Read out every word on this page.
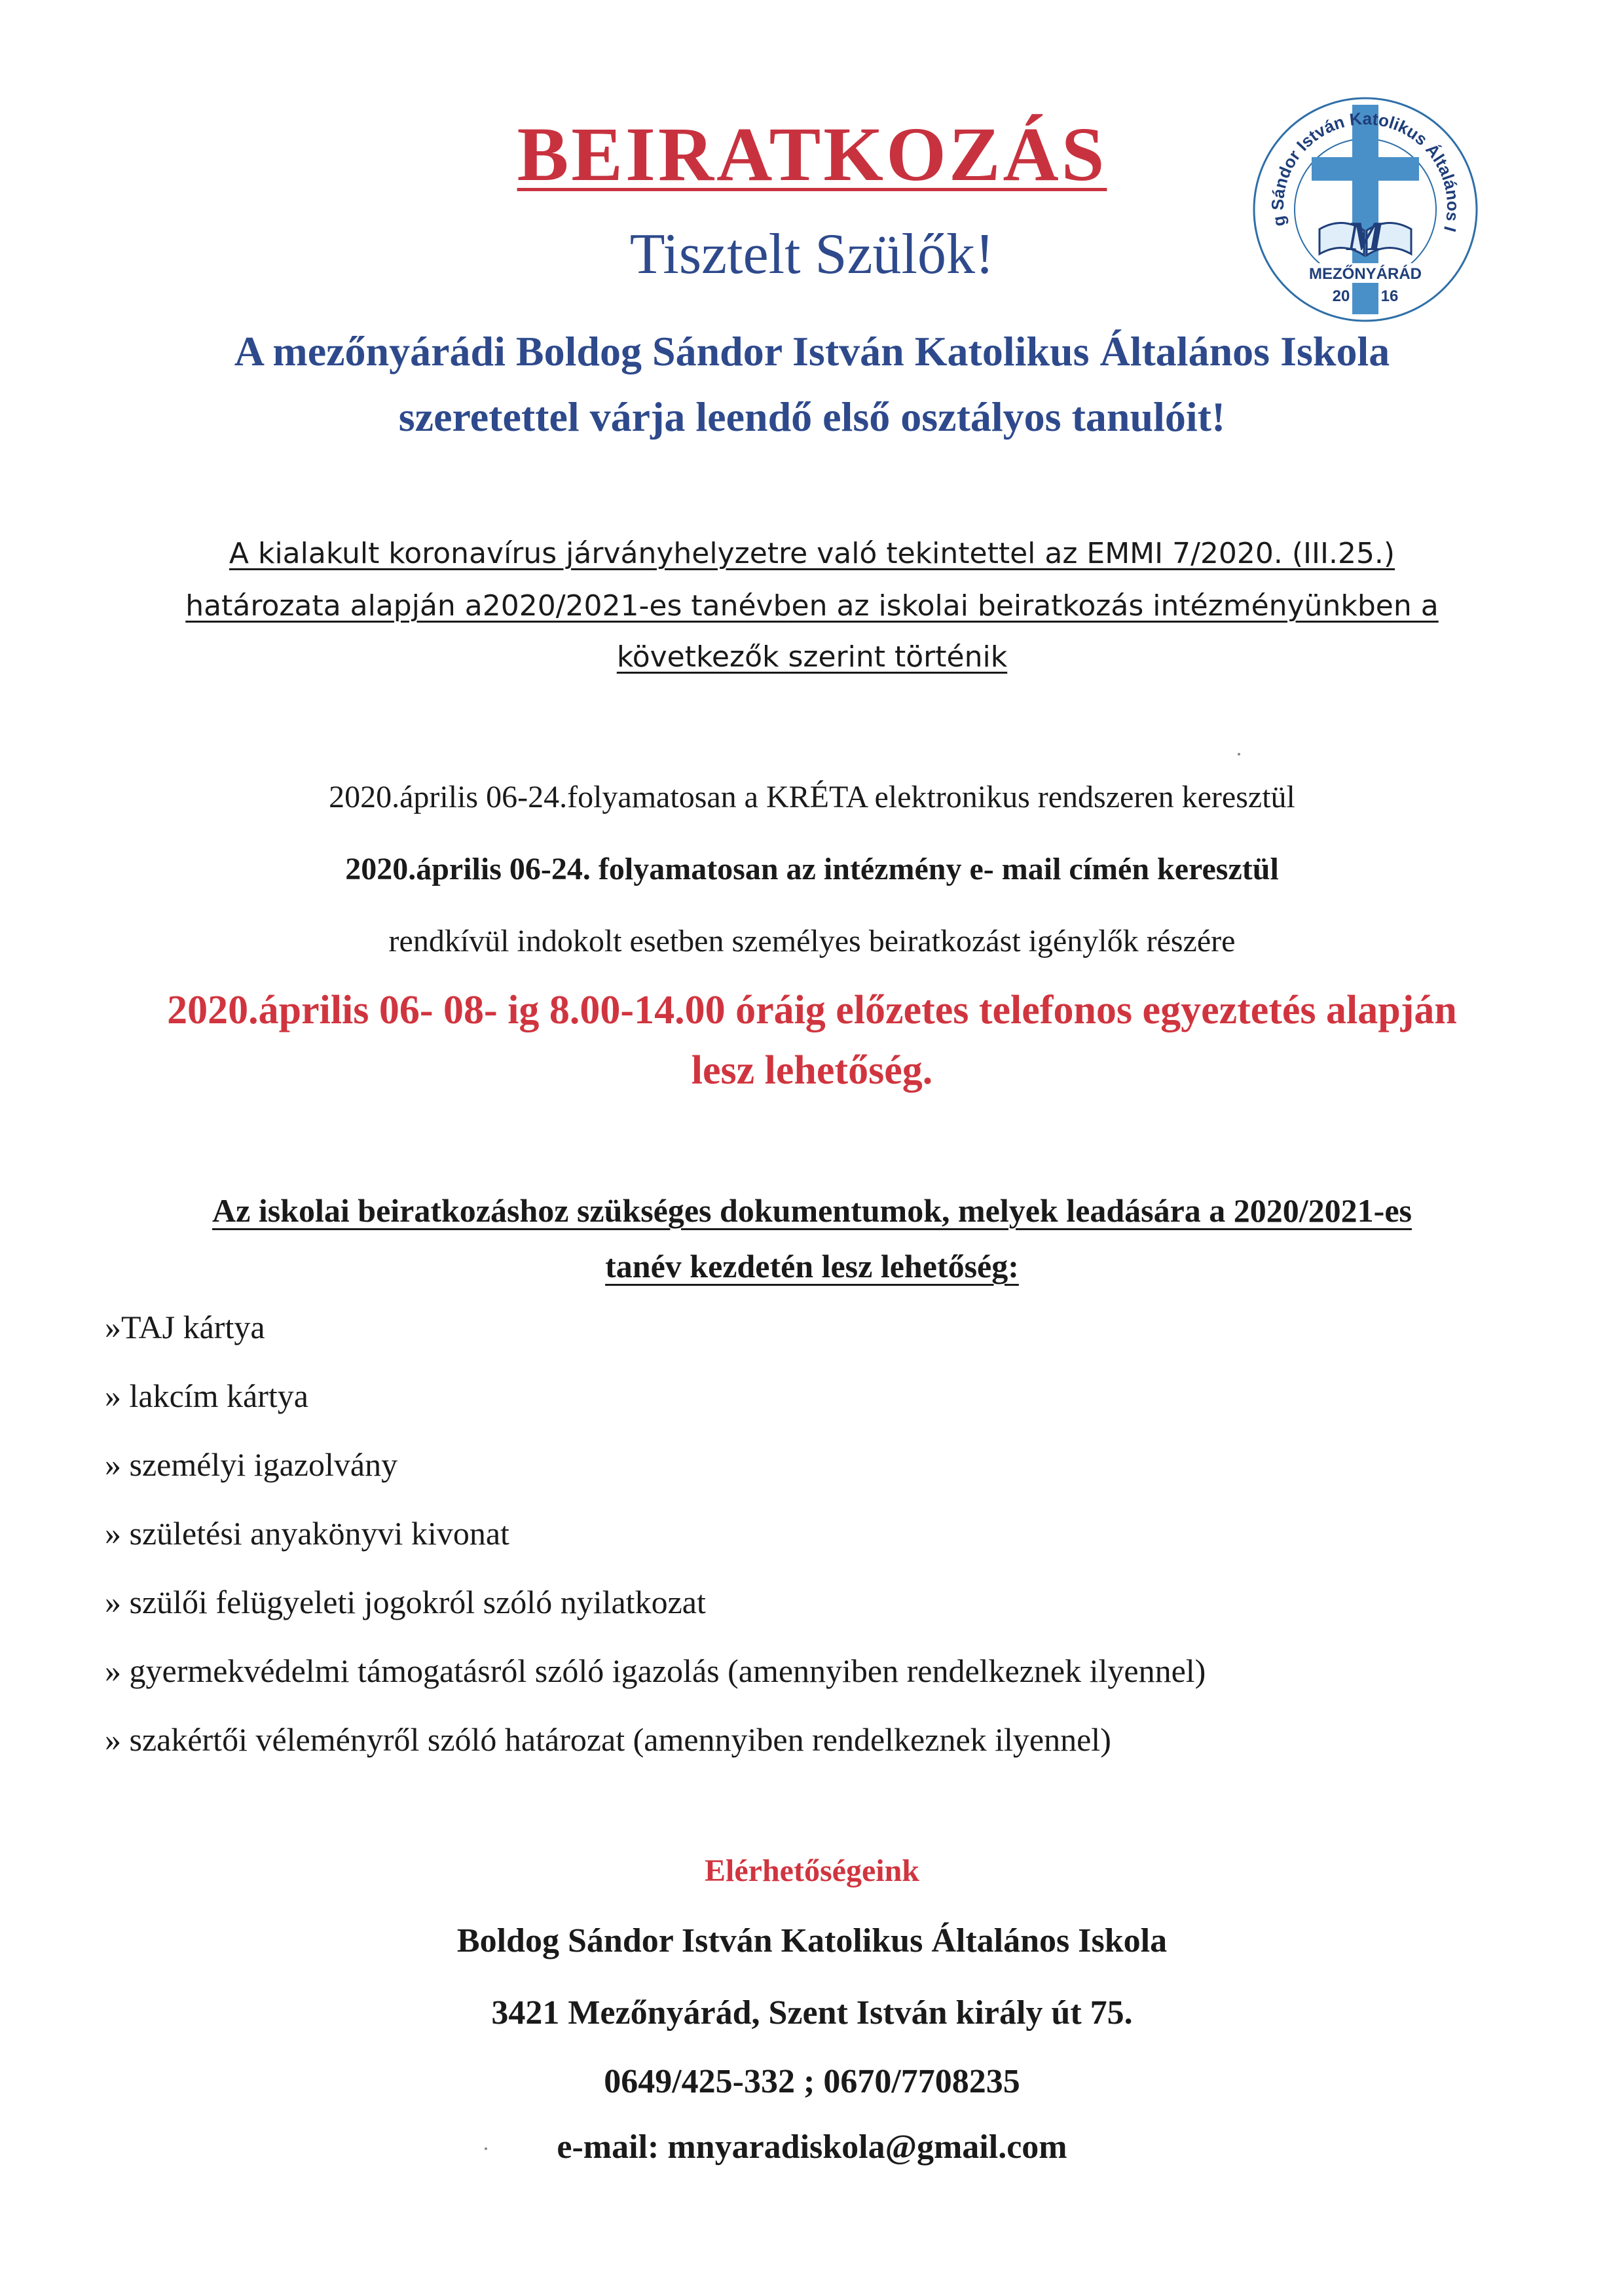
BEIRATKOZÁS
Tisztelt Szülők!
A mezőnyárádi Boldog Sándor István Katolikus Általános Iskola
szeretettel várja leendő első osztályos tanulóit!
A kialakult koronavírus járványhelyzetre való tekintettel az EMMI 7/2020. (III.25.)
határozata alapján a2020/2021-es tanévben az iskolai beiratkozás intézményünkben a
következők szerint történik
2020.április 06-24.folyamatosan a KRÉTA elektronikus rendszeren keresztül
2020.április 06-24. folyamatosan az intézmény e- mail címén keresztül
rendkívül indokolt esetben személyes beiratkozást igénylők részére
2020.április 06- 08- ig 8.00-14.00 óráig előzetes telefonos egyeztetés alapján
lesz lehetőség.
Az iskolai beiratkozáshoz szükséges dokumentumok, melyek leadására a 2020/2021-es
tanév kezdetén lesz lehetőség:
»TAJ kártya
» lakcím kártya
» személyi igazolvány
» születési anyakönyvi kivonat
» szülői felügyeleti jogokról szóló nyilatkozat
» gyermekvédelmi támogatásról szóló igazolás (amennyiben rendelkeznek ilyennel)
» szakértői véleményről szóló határozat (amennyiben rendelkeznek ilyennel)
Elérhetőségeink
Boldog Sándor István Katolikus Általános Iskola
3421 Mezőnyárád, Szent István király út 75.
0649/425-332 ; 0670/7708235
e-mail: mnyaradiskola@gmail.com
M
g Sándor István Katolikus Általános I
MEZŐNYÁRÁD
20 16
